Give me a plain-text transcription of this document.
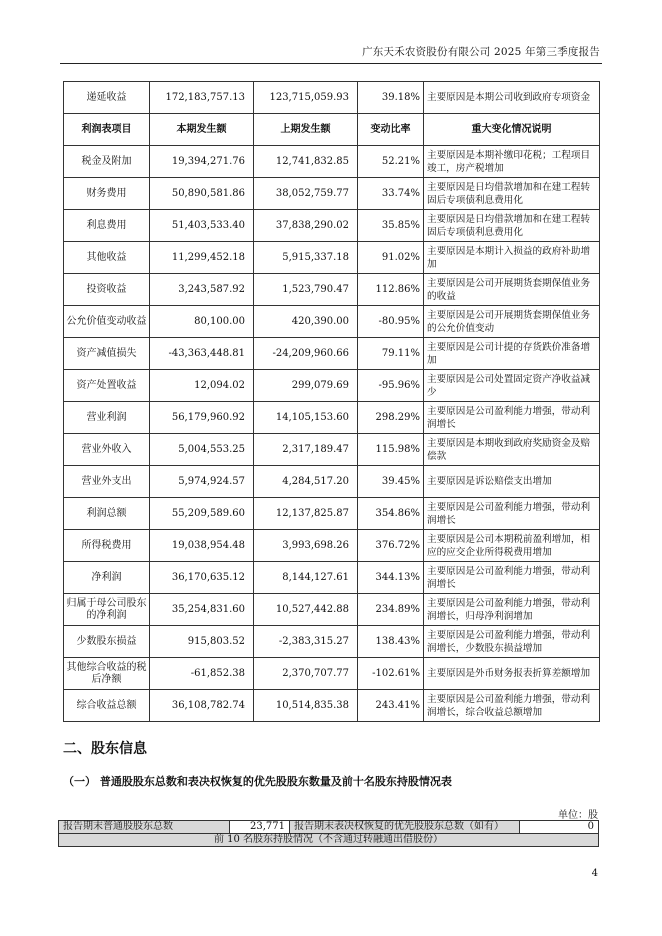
广东天禾农资股份有限公司 2025 年第三季度报告
递延收益	172,183,757.13	123,715,059.93	39.18%	主要原因是本期公司收到政府专项资金
利润表项目	本期发生额	上期发生额	变动比率	重大变化情况说明
税金及附加	19,394,271.76	12,741,832.85	52.21%	主要原因是本期补缴印花税；工程项目竣工，房产税增加
财务费用	50,890,581.86	38,052,759.77	33.74%	主要原因是日均借款增加和在建工程转固后专项债利息费用化
利息费用	51,403,533.40	37,838,290.02	35.85%	主要原因是日均借款增加和在建工程转固后专项债利息费用化
其他收益	11,299,452.18	5,915,337.18	91.02%	主要原因是本期计入损益的政府补助增加
投资收益	3,243,587.92	1,523,790.47	112.86%	主要原因是公司开展期货套期保值业务的收益
公允价值变动收益	80,100.00	420,390.00	-80.95%	主要原因是公司开展期货套期保值业务的公允价值变动
资产减值损失	-43,363,448.81	-24,209,960.66	79.11%	主要原因是公司计提的存货跌价准备增加
资产处置收益	12,094.02	299,079.69	-95.96%	主要原因是公司处置固定资产净收益减少
营业利润	56,179,960.92	14,105,153.60	298.29%	主要原因是公司盈利能力增强，带动利润增长
营业外收入	5,004,553.25	2,317,189.47	115.98%	主要原因是本期收到政府奖励资金及赔偿款
营业外支出	5,974,924.57	4,284,517.20	39.45%	主要原因是诉讼赔偿支出增加
利润总额	55,209,589.60	12,137,825.87	354.86%	主要原因是公司盈利能力增强，带动利润增长
所得税费用	19,038,954.48	3,993,698.26	376.72%	主要原因是公司本期税前盈利增加，相应的应交企业所得税费用增加
净利润	36,170,635.12	8,144,127.61	344.13%	主要原因是公司盈利能力增强，带动利润增长
归属于母公司股东的净利润	35,254,831.60	10,527,442.88	234.89%	主要原因是公司盈利能力增强，带动利润增长，归母净利润增加
少数股东损益	915,803.52	-2,383,315.27	138.43%	主要原因是公司盈利能力增强，带动利润增长，少数股东损益增加
其他综合收益的税后净额	-61,852.38	2,370,707.77	-102.61%	主要原因是外币财务报表折算差额增加
综合收益总额	36,108,782.74	10,514,835.38	243.41%	主要原因是公司盈利能力增强，带动利润增长，综合收益总额增加
二、股东信息
（一） 普通股股东总数和表决权恢复的优先股股东数量及前十名股东持股情况表
单位：股
报告期末普通股股东总数	23,771	报告期末表决权恢复的优先股股东总数（如有）	0
前 10 名股东持股情况（不含通过转融通出借股份）
4
